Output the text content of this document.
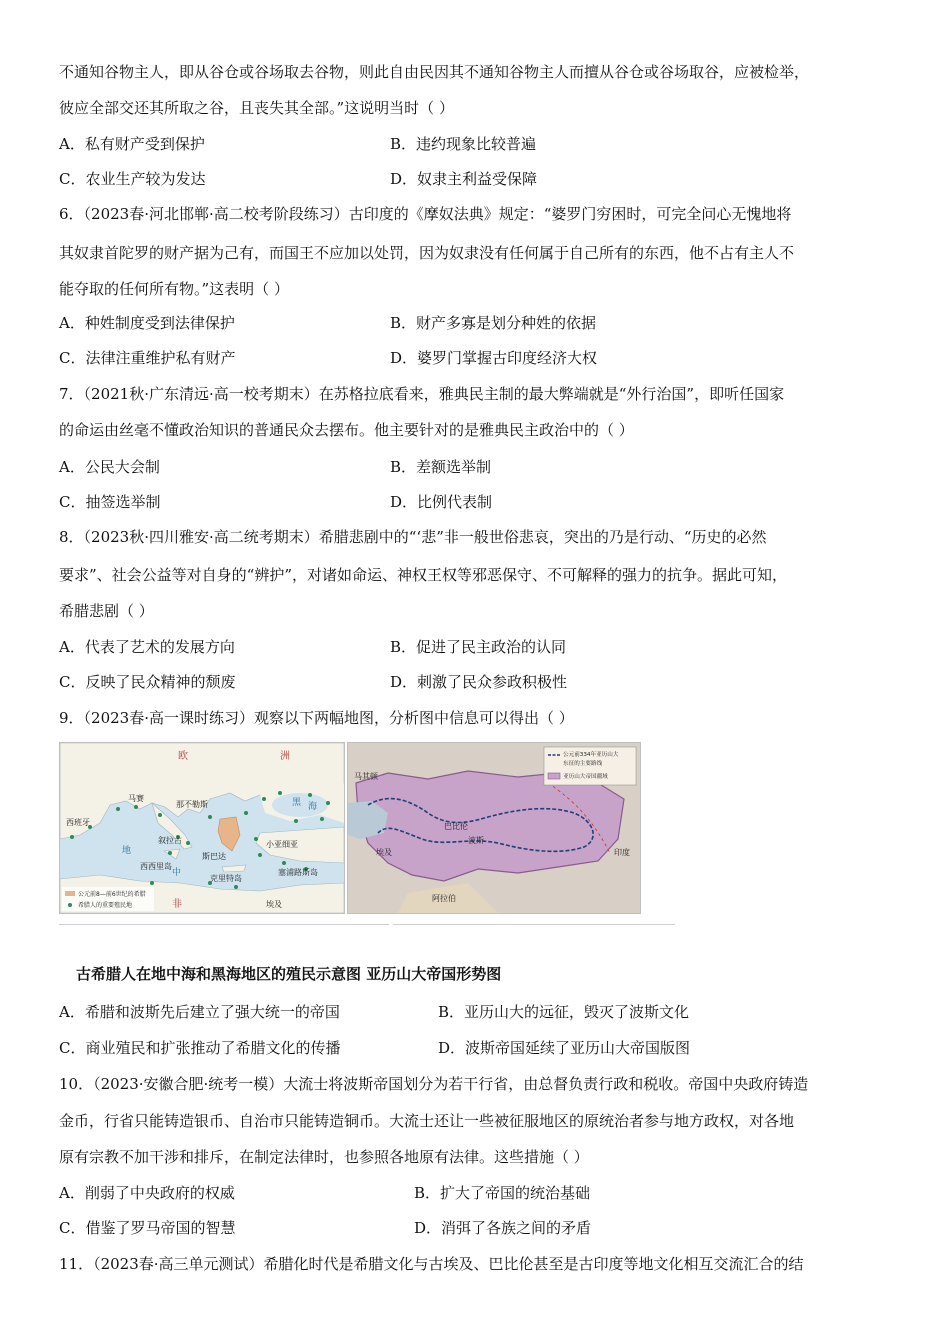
不通知谷物主人，即从谷仓或谷场取去谷物，则此自由民因其不通知谷物主人而擅从谷仓或谷场取谷，应被检举，
彼应全部交还其所取之谷，且丧失其全部。”这说明当时（ ）
A．私有财产受到保护	B．违约现象比较普遍
C．农业生产较为发达	D．奴隶主利益受保障
6．（2023春·河北邯郸·高二校考阶段练习）古印度的《摩奴法典》规定：“婆罗门穷困时，可完全问心无愧地将
其奴隶首陀罗的财产据为己有，而国王不应加以处罚，因为奴隶没有任何属于自己所有的东西，他不占有主人不
能夺取的任何所有物。”这表明（ ）
A．种姓制度受到法律保护	B．财产多寡是划分种姓的依据
C．法律注重维护私有财产	D．婆罗门掌握古印度经济大权
7．（2021秋·广东清远·高一校考期末）在苏格拉底看来，雅典民主制的最大弊端就是“外行治国”，即听任国家
的命运由丝毫不懂政治知识的普通民众去摆布。他主要针对的是雅典民主政治中的（ ）
A．公民大会制	B．差额选举制
C．抽签选举制	D．比例代表制
8．（2023秋·四川雅安·高二统考期末）希腊悲剧中的“‘悲”非一般世俗悲哀，突出的乃是行动、“历史的必然
要求”、社会公益等对自身的“辨护”，对诸如命运、神权王权等邪恶保守、不可解释的强力的抗争。据此可知，
希腊悲剧（ ）
A．代表了艺术的发展方向	B．促进了民主政治的认同
C．反映了民众精神的颓废	D．刺激了民众参政积极性
9．（2023春·高一课时练习）观察以下两幅地图，分析图中信息可以得出（ ）
欧	洲
西班牙
马赛
那不勒斯	黑 海
小亚细亚
西西里岛
叙拉古
斯巴达
克里特岛
塞浦路斯岛
地
中
非	埃及
公元前8—前6世纪的希腊
希腊人的重要殖民地
公元前334年亚历山大
东征的主要路线
亚历山大帝国疆域
马其顿
波斯
阿拉伯
印度
巴比伦
埃及
古希腊人在地中海和黑海地区的殖民示意图 亚历山大帝国形势图
A．希腊和波斯先后建立了强大统一的帝国	B．亚历山大的远征，毁灭了波斯文化
C．商业殖民和扩张推动了希腊文化的传播	D．波斯帝国延续了亚历山大帝国版图
10．（2023·安徽合肥·统考一模）大流士将波斯帝国划分为若干行省，由总督负责行政和税收。帝国中央政府铸造
金币，行省只能铸造银币、自治市只能铸造铜币。大流士还让一些被征服地区的原统治者参与地方政权，对各地
原有宗教不加干涉和排斥，在制定法律时，也参照各地原有法律。这些措施（ ）
A．削弱了中央政府的权威	B．扩大了帝国的统治基础
C．借鉴了罗马帝国的智慧	D．消弭了各族之间的矛盾
11．（2023春·高三单元测试）希腊化时代是希腊文化与古埃及、巴比伦甚至是古印度等地文化相互交流汇合的结
